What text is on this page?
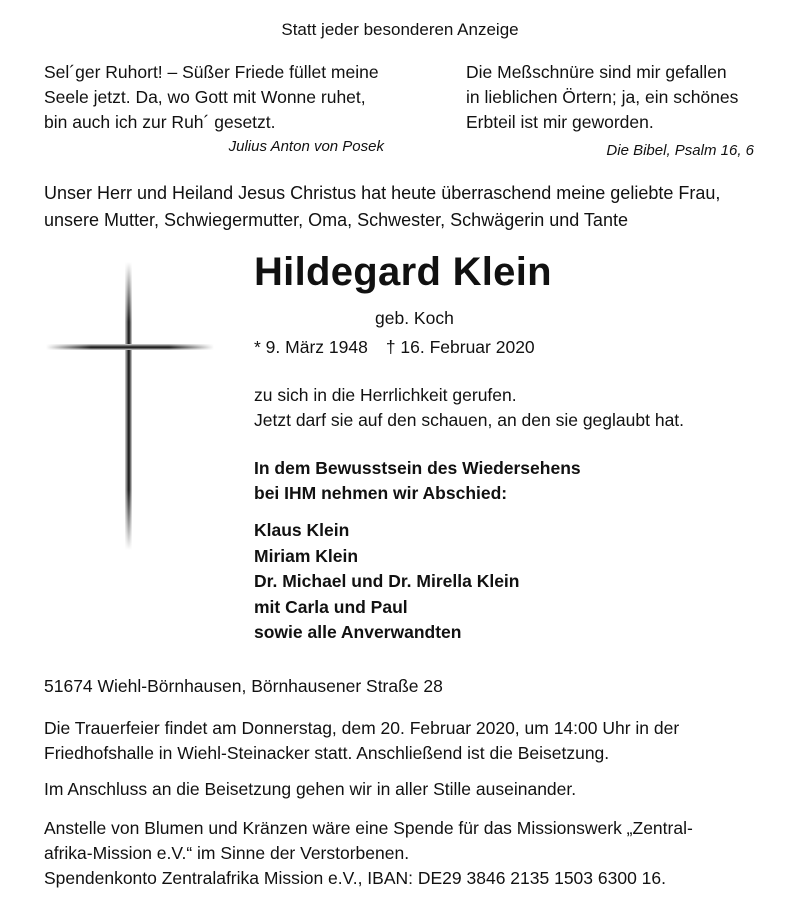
Statt jeder besonderen Anzeige
Sel´ger Ruhort! – Süßer Friede füllet meine
Seele jetzt. Da, wo Gott mit Wonne ruhet,
bin auch ich zur Ruh´ gesetzt.
Julius Anton von Posek
Die Meßschnüre sind mir gefallen
in lieblichen Örtern; ja, ein schönes
Erbteil ist mir geworden.
Die Bibel, Psalm 16, 6
Unser Herr und Heiland Jesus Christus hat heute überraschend meine geliebte Frau,
unsere Mutter, Schwiegermutter, Oma, Schwester, Schwägerin und Tante
Hildegard Klein
geb. Koch
* 9. März 1948 † 16. Februar 2020
zu sich in die Herrlichkeit gerufen.
Jetzt darf sie auf den schauen, an den sie geglaubt hat.
In dem Bewusstsein des Wiedersehens
bei IHM nehmen wir Abschied:
Klaus Klein
Miriam Klein
Dr. Michael und Dr. Mirella Klein
mit Carla und Paul
sowie alle Anverwandten
51674 Wiehl-Börnhausen, Börnhausener Straße 28
Die Trauerfeier findet am Donnerstag, dem 20. Februar 2020, um 14:00 Uhr in der
Friedhofshalle in Wiehl-Steinacker statt. Anschließend ist die Beisetzung.
Im Anschluss an die Beisetzung gehen wir in aller Stille auseinander.
Anstelle von Blumen und Kränzen wäre eine Spende für das Missionswerk „Zentral-
afrika-Mission e.V.“ im Sinne der Verstorbenen.
Spendenkonto Zentralafrika Mission e.V., IBAN: DE29 3846 2135 1503 6300 16.
